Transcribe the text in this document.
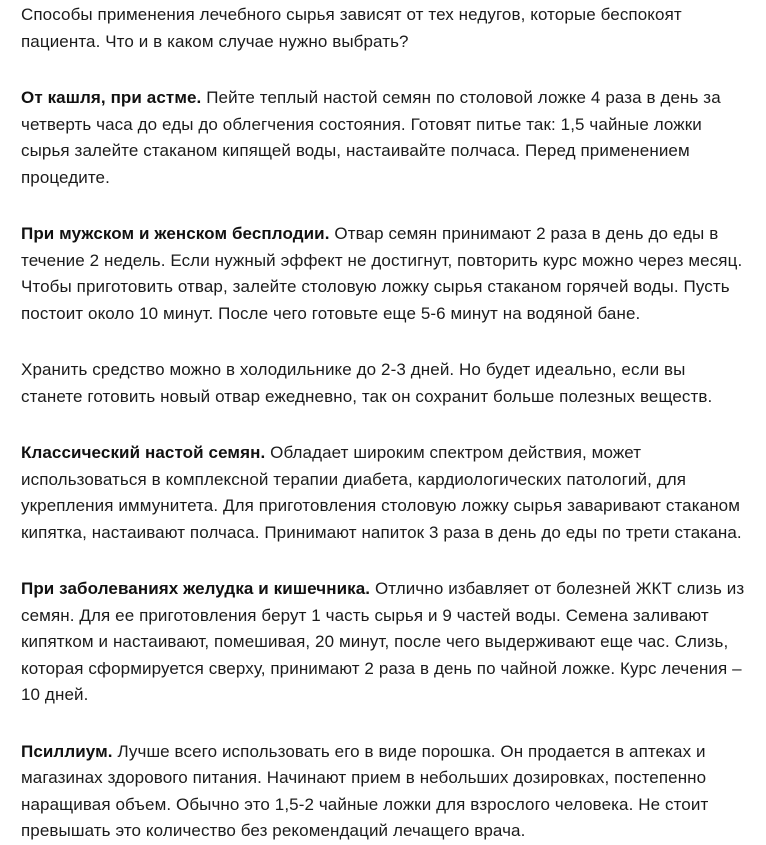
Способы применения лечебного сырья зависят от тех недугов, которые беспокоят пациента. Что и в каком случае нужно выбрать?

От кашля, при астме. Пейте теплый настой семян по столовой ложке 4 раза в день за четверть часа до еды до облегчения состояния. Готовят питье так: 1,5 чайные ложки сырья залейте стаканом кипящей воды, настаивайте полчаса. Перед применением процедите.

При мужском и женском бесплодии. Отвар семян принимают 2 раза в день до еды в течение 2 недель. Если нужный эффект не достигнут, повторить курс можно через месяц. Чтобы приготовить отвар, залейте столовую ложку сырья стаканом горячей воды. Пусть постоит около 10 минут. После чего готовьте еще 5-6 минут на водяной бане.

Хранить средство можно в холодильнике до 2-3 дней. Но будет идеально, если вы станете готовить новый отвар ежедневно, так он сохранит больше полезных веществ.

Классический настой семян. Обладает широким спектром действия, может использоваться в комплексной терапии диабета, кардиологических патологий, для укрепления иммунитета. Для приготовления столовую ложку сырья заваривают стаканом кипятка, настаивают полчаса. Принимают напиток 3 раза в день до еды по трети стакана.

При заболеваниях желудка и кишечника. Отлично избавляет от болезней ЖКТ слизь из семян. Для ее приготовления берут 1 часть сырья и 9 частей воды. Семена заливают кипятком и настаивают, помешивая, 20 минут, после чего выдерживают еще час. Слизь, которая сформируется сверху, принимают 2 раза в день по чайной ложке. Курс лечения – 10 дней.

Псиллиум. Лучше всего использовать его в виде порошка. Он продается в аптеках и магазинах здорового питания. Начинают прием в небольших дозировках, постепенно наращивая объем. Обычно это 1,5-2 чайные ложки для взрослого человека. Не стоит превышать это количество без рекомендаций лечащего врача.
